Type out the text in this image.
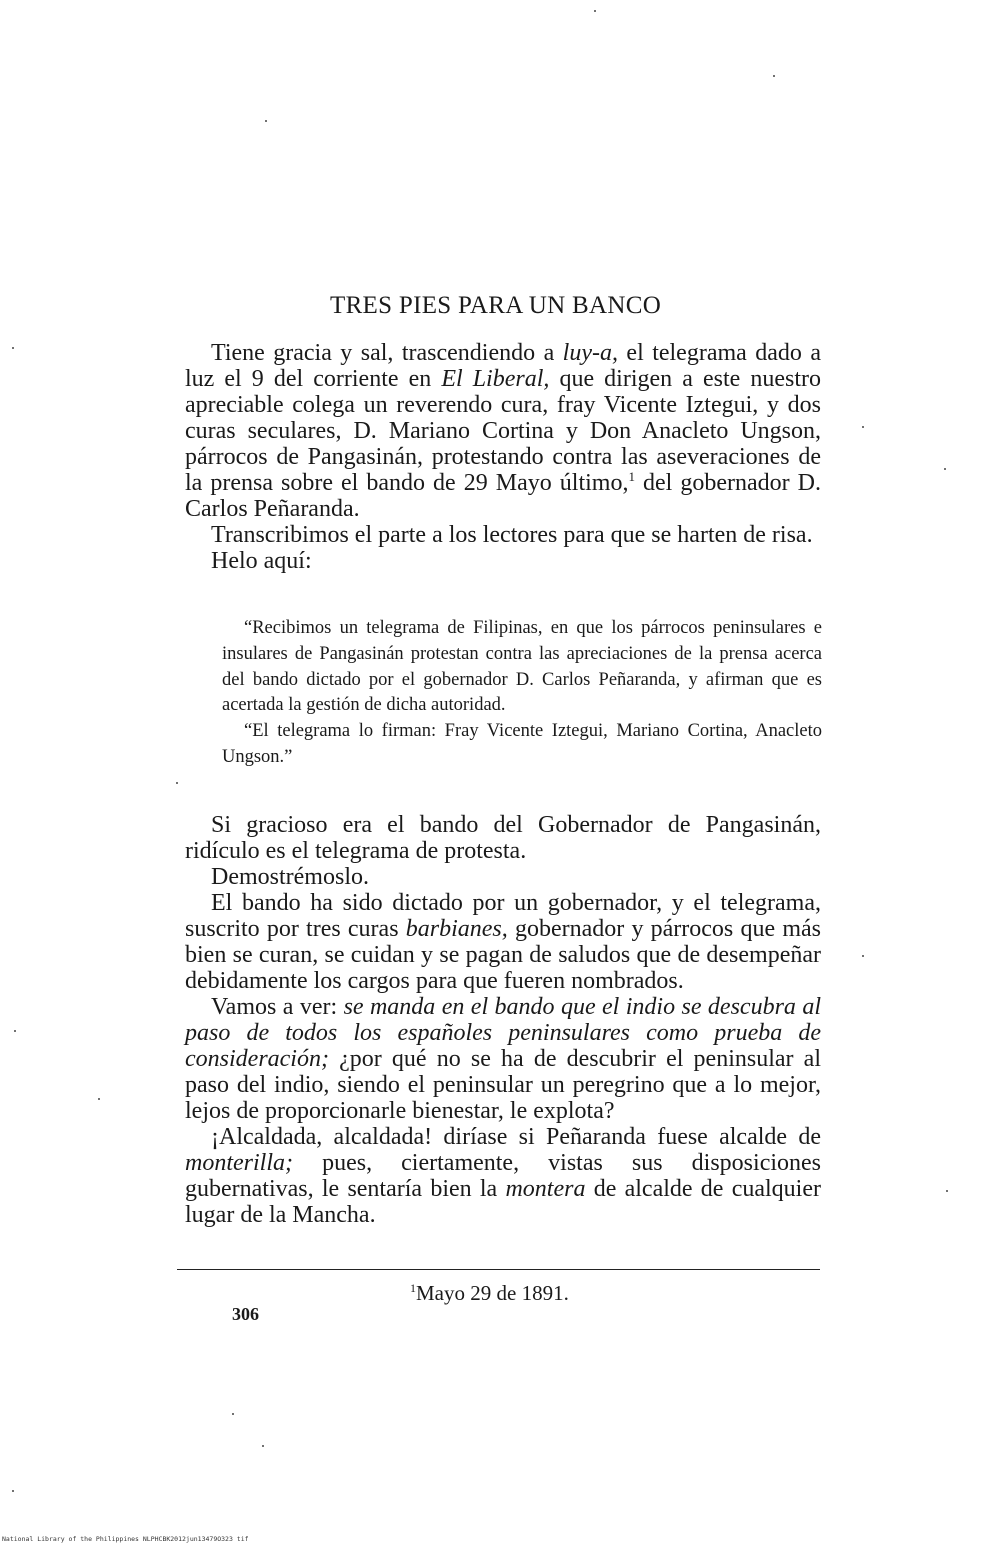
TRES PIES PARA UN BANCO

Tiene gracia y sal, trascendiendo a luy-a, el telegrama dado a luz el 9 del corriente en El Liberal, que dirigen a este nuestro apreciable colega un reverendo cura, fray Vicente Iztegui, y dos curas seculares, D. Mariano Cortina y Don Anacleto Ungson, párrocos de Pangasinán, protestando contra las aseveraciones de la prensa sobre el bando de 29 Mayo último,$^1$ del gobernador D. Carlos Peñaranda.

Transcribimos el parte a los lectores para que se harten de risa.

Helo aquí:

“Recibimos un telegrama de Filipinas, en que los párrocos peninsulares e insulares de Pangasinán protestan contra las apreciaciones de la prensa acerca del bando dictado por el gobernador D. Carlos Peñaranda, y afirman que es acertada la gestión de dicha autoridad.

“El telegrama lo firman: Fray Vicente Iztegui, Mariano Cortina, Anacleto Ungson.”

Si gracioso era el bando del Gobernador de Pangasinán, ridículo es el telegrama de protesta.

Demostrémoslo.

El bando ha sido dictado por un gobernador, y el telegrama, suscrito por tres curas barbianes, gobernador y párrocos que más bien se curan, se cuidan y se pagan de saludos que de desempeñar debidamente los cargos para que fueren nombrados.

Vamos a ver: se manda en el bando que el indio se descubra al paso de todos los españoles peninsulares como prueba de consideración; ¿por qué no se ha de descubrir el peninsular al paso del indio, siendo el peninsular un peregrino que a lo mejor, lejos de proporcionarle bienestar, le explota?

¡Alcaldada, alcaldada! diríase si Peñaranda fuese alcalde de monterilla; pues, ciertamente, vistas sus disposiciones gubernativas, le sentaría bien la montera de alcalde de cualquier lugar de la Mancha.

$^1$Mayo 29 de 1891.
306
National Library of the Philippines NLPHCBK2012jun13479O323 tif
